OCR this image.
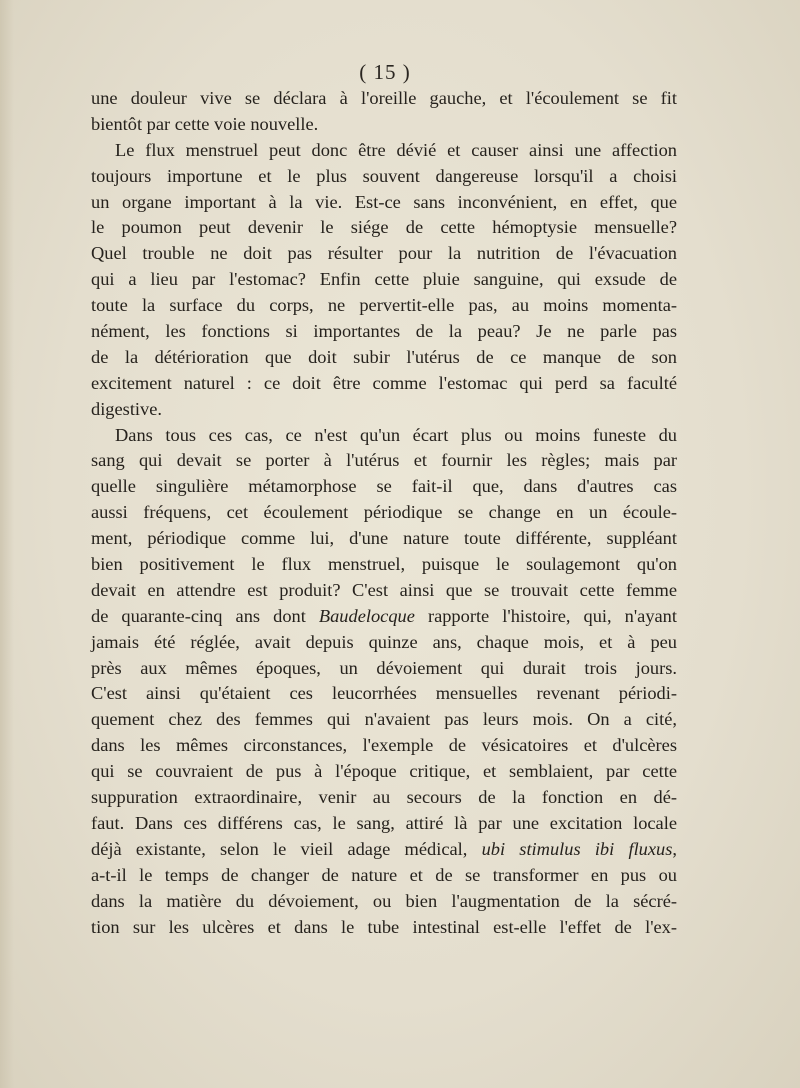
( 15 )
une douleur vive se déclara à l'oreille gauche, et l'écoulement se fit
bientôt par cette voie nouvelle.
Le flux menstruel peut donc être dévié et causer ainsi une affection
toujours importune et le plus souvent dangereuse lorsqu'il a choisi
un organe important à la vie. Est-ce sans inconvénient, en effet, que
le poumon peut devenir le siége de cette hémoptysie mensuelle?
Quel trouble ne doit pas résulter pour la nutrition de l'évacuation
qui a lieu par l'estomac? Enfin cette pluie sanguine, qui exsude de
toute la surface du corps, ne pervertit-elle pas, au moins momenta-
nément, les fonctions si importantes de la peau? Je ne parle pas
de la détérioration que doit subir l'utérus de ce manque de son
excitement naturel : ce doit être comme l'estomac qui perd sa faculté
digestive.
Dans tous ces cas, ce n'est qu'un écart plus ou moins funeste du
sang qui devait se porter à l'utérus et fournir les règles; mais par
quelle singulière métamorphose se fait-il que, dans d'autres cas
aussi fréquens, cet écoulement périodique se change en un écoule-
ment, périodique comme lui, d'une nature toute différente, suppléant
bien positivement le flux menstruel, puisque le soulagemont qu'on
devait en attendre est produit? C'est ainsi que se trouvait cette femme
de quarante-cinq ans dont Baudelocque rapporte l'histoire, qui, n'ayant
jamais été réglée, avait depuis quinze ans, chaque mois, et à peu
près aux mêmes époques, un dévoiement qui durait trois jours.
C'est ainsi qu'étaient ces leucorrhées mensuelles revenant périodi-
quement chez des femmes qui n'avaient pas leurs mois. On a cité,
dans les mêmes circonstances, l'exemple de vésicatoires et d'ulcères
qui se couvraient de pus à l'époque critique, et semblaient, par cette
suppuration extraordinaire, venir au secours de la fonction en dé-
faut. Dans ces différens cas, le sang, attiré là par une excitation locale
déjà existante, selon le vieil adage médical, ubi stimulus ibi fluxus,
a-t-il le temps de changer de nature et de se transformer en pus ou
dans la matière du dévoiement, ou bien l'augmentation de la sécré-
tion sur les ulcères et dans le tube intestinal est-elle l'effet de l'ex-
